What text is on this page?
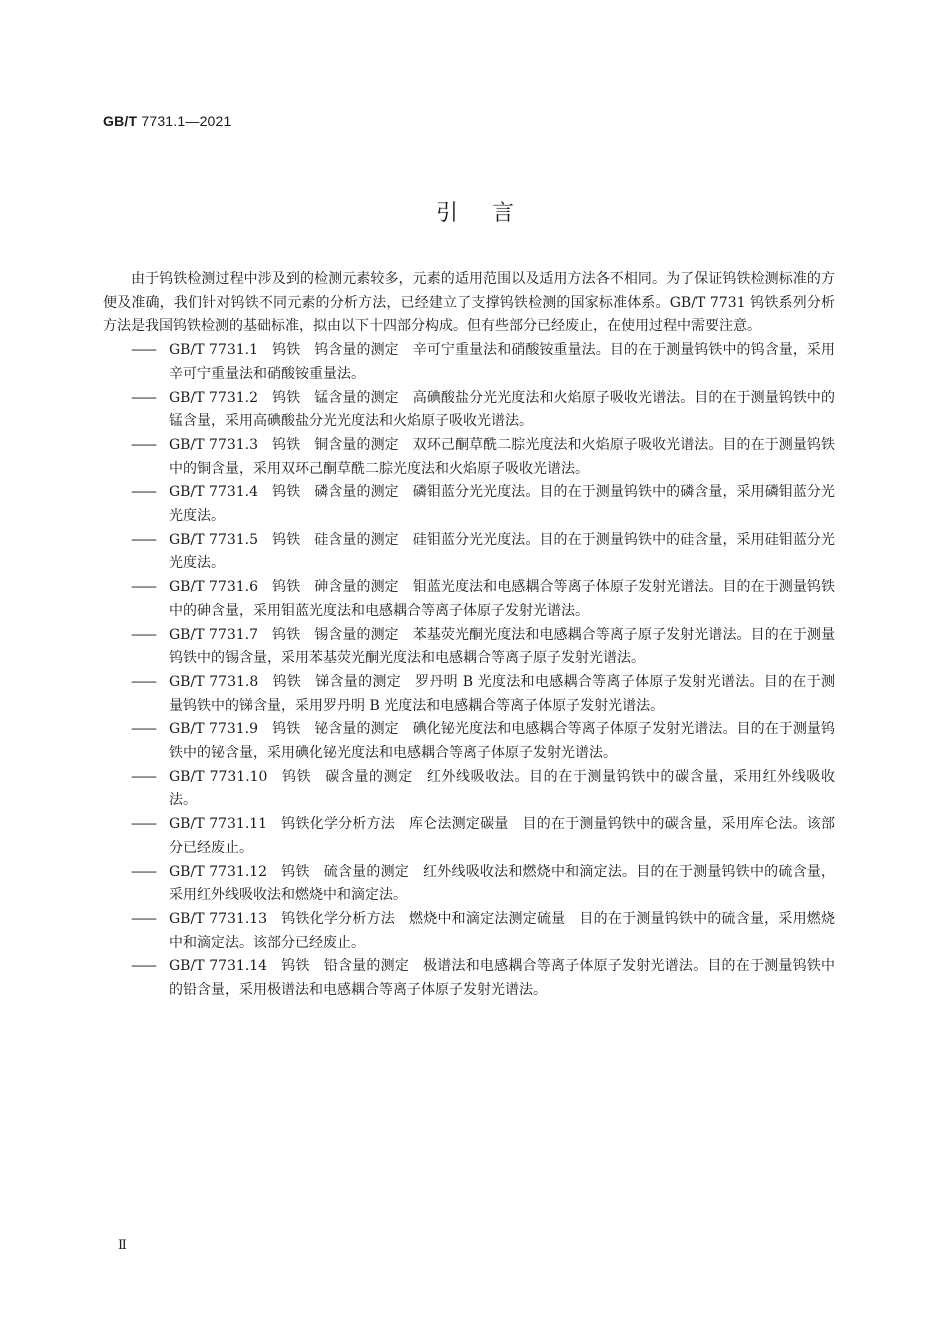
GB/T 7731.1—2021
引言

由于钨铁检测过程中涉及到的检测元素较多，元素的适用范围以及适用方法各不相同。为了保证钨铁检测标准的方便及准确，我们针对钨铁不同元素的分析方法，已经建立了支撑钨铁检测的国家标准体系。GB/T 7731 钨铁系列分析方法是我国钨铁检测的基础标准，拟由以下十四部分构成。但有些部分已经废止，在使用过程中需要注意。

—— GB/T 7731.1 钨铁 钨含量的测定 辛可宁重量法和硝酸铵重量法。目的在于测量钨铁中的钨含量，采用辛可宁重量法和硝酸铵重量法。
—— GB/T 7731.2 钨铁 锰含量的测定 高碘酸盐分光光度法和火焰原子吸收光谱法。目的在于测量钨铁中的锰含量，采用高碘酸盐分光光度法和火焰原子吸收光谱法。
—— GB/T 7731.3 钨铁 铜含量的测定 双环己酮草酰二腙光度法和火焰原子吸收光谱法。目的在于测量钨铁中的铜含量，采用双环己酮草酰二腙光度法和火焰原子吸收光谱法。
—— GB/T 7731.4 钨铁 磷含量的测定 磷钼蓝分光光度法。目的在于测量钨铁中的磷含量，采用磷钼蓝分光光度法。
—— GB/T 7731.5 钨铁 硅含量的测定 硅钼蓝分光光度法。目的在于测量钨铁中的硅含量，采用硅钼蓝分光光度法。
—— GB/T 7731.6 钨铁 砷含量的测定 钼蓝光度法和电感耦合等离子体原子发射光谱法。目的在于测量钨铁中的砷含量，采用钼蓝光度法和电感耦合等离子体原子发射光谱法。
—— GB/T 7731.7 钨铁 锡含量的测定 苯基荧光酮光度法和电感耦合等离子原子发射光谱法。目的在于测量钨铁中的锡含量，采用苯基荧光酮光度法和电感耦合等离子原子发射光谱法。
—— GB/T 7731.8 钨铁 锑含量的测定 罗丹明 B 光度法和电感耦合等离子体原子发射光谱法。目的在于测量钨铁中的锑含量，采用罗丹明 B 光度法和电感耦合等离子体原子发射光谱法。
—— GB/T 7731.9 钨铁 铋含量的测定 碘化铋光度法和电感耦合等离子体原子发射光谱法。目的在于测量钨铁中的铋含量，采用碘化铋光度法和电感耦合等离子体原子发射光谱法。
—— GB/T 7731.10 钨铁 碳含量的测定 红外线吸收法。目的在于测量钨铁中的碳含量，采用红外线吸收法。
—— GB/T 7731.11 钨铁化学分析方法 库仑法测定碳量 目的在于测量钨铁中的碳含量，采用库仑法。该部分已经废止。
—— GB/T 7731.12 钨铁 硫含量的测定 红外线吸收法和燃烧中和滴定法。目的在于测量钨铁中的硫含量，采用红外线吸收法和燃烧中和滴定法。
—— GB/T 7731.13 钨铁化学分析方法 燃烧中和滴定法测定硫量 目的在于测量钨铁中的硫含量，采用燃烧中和滴定法。该部分已经废止。
—— GB/T 7731.14 钨铁 铅含量的测定 极谱法和电感耦合等离子体原子发射光谱法。目的在于测量钨铁中的铅含量，采用极谱法和电感耦合等离子体原子发射光谱法。
Ⅱ
